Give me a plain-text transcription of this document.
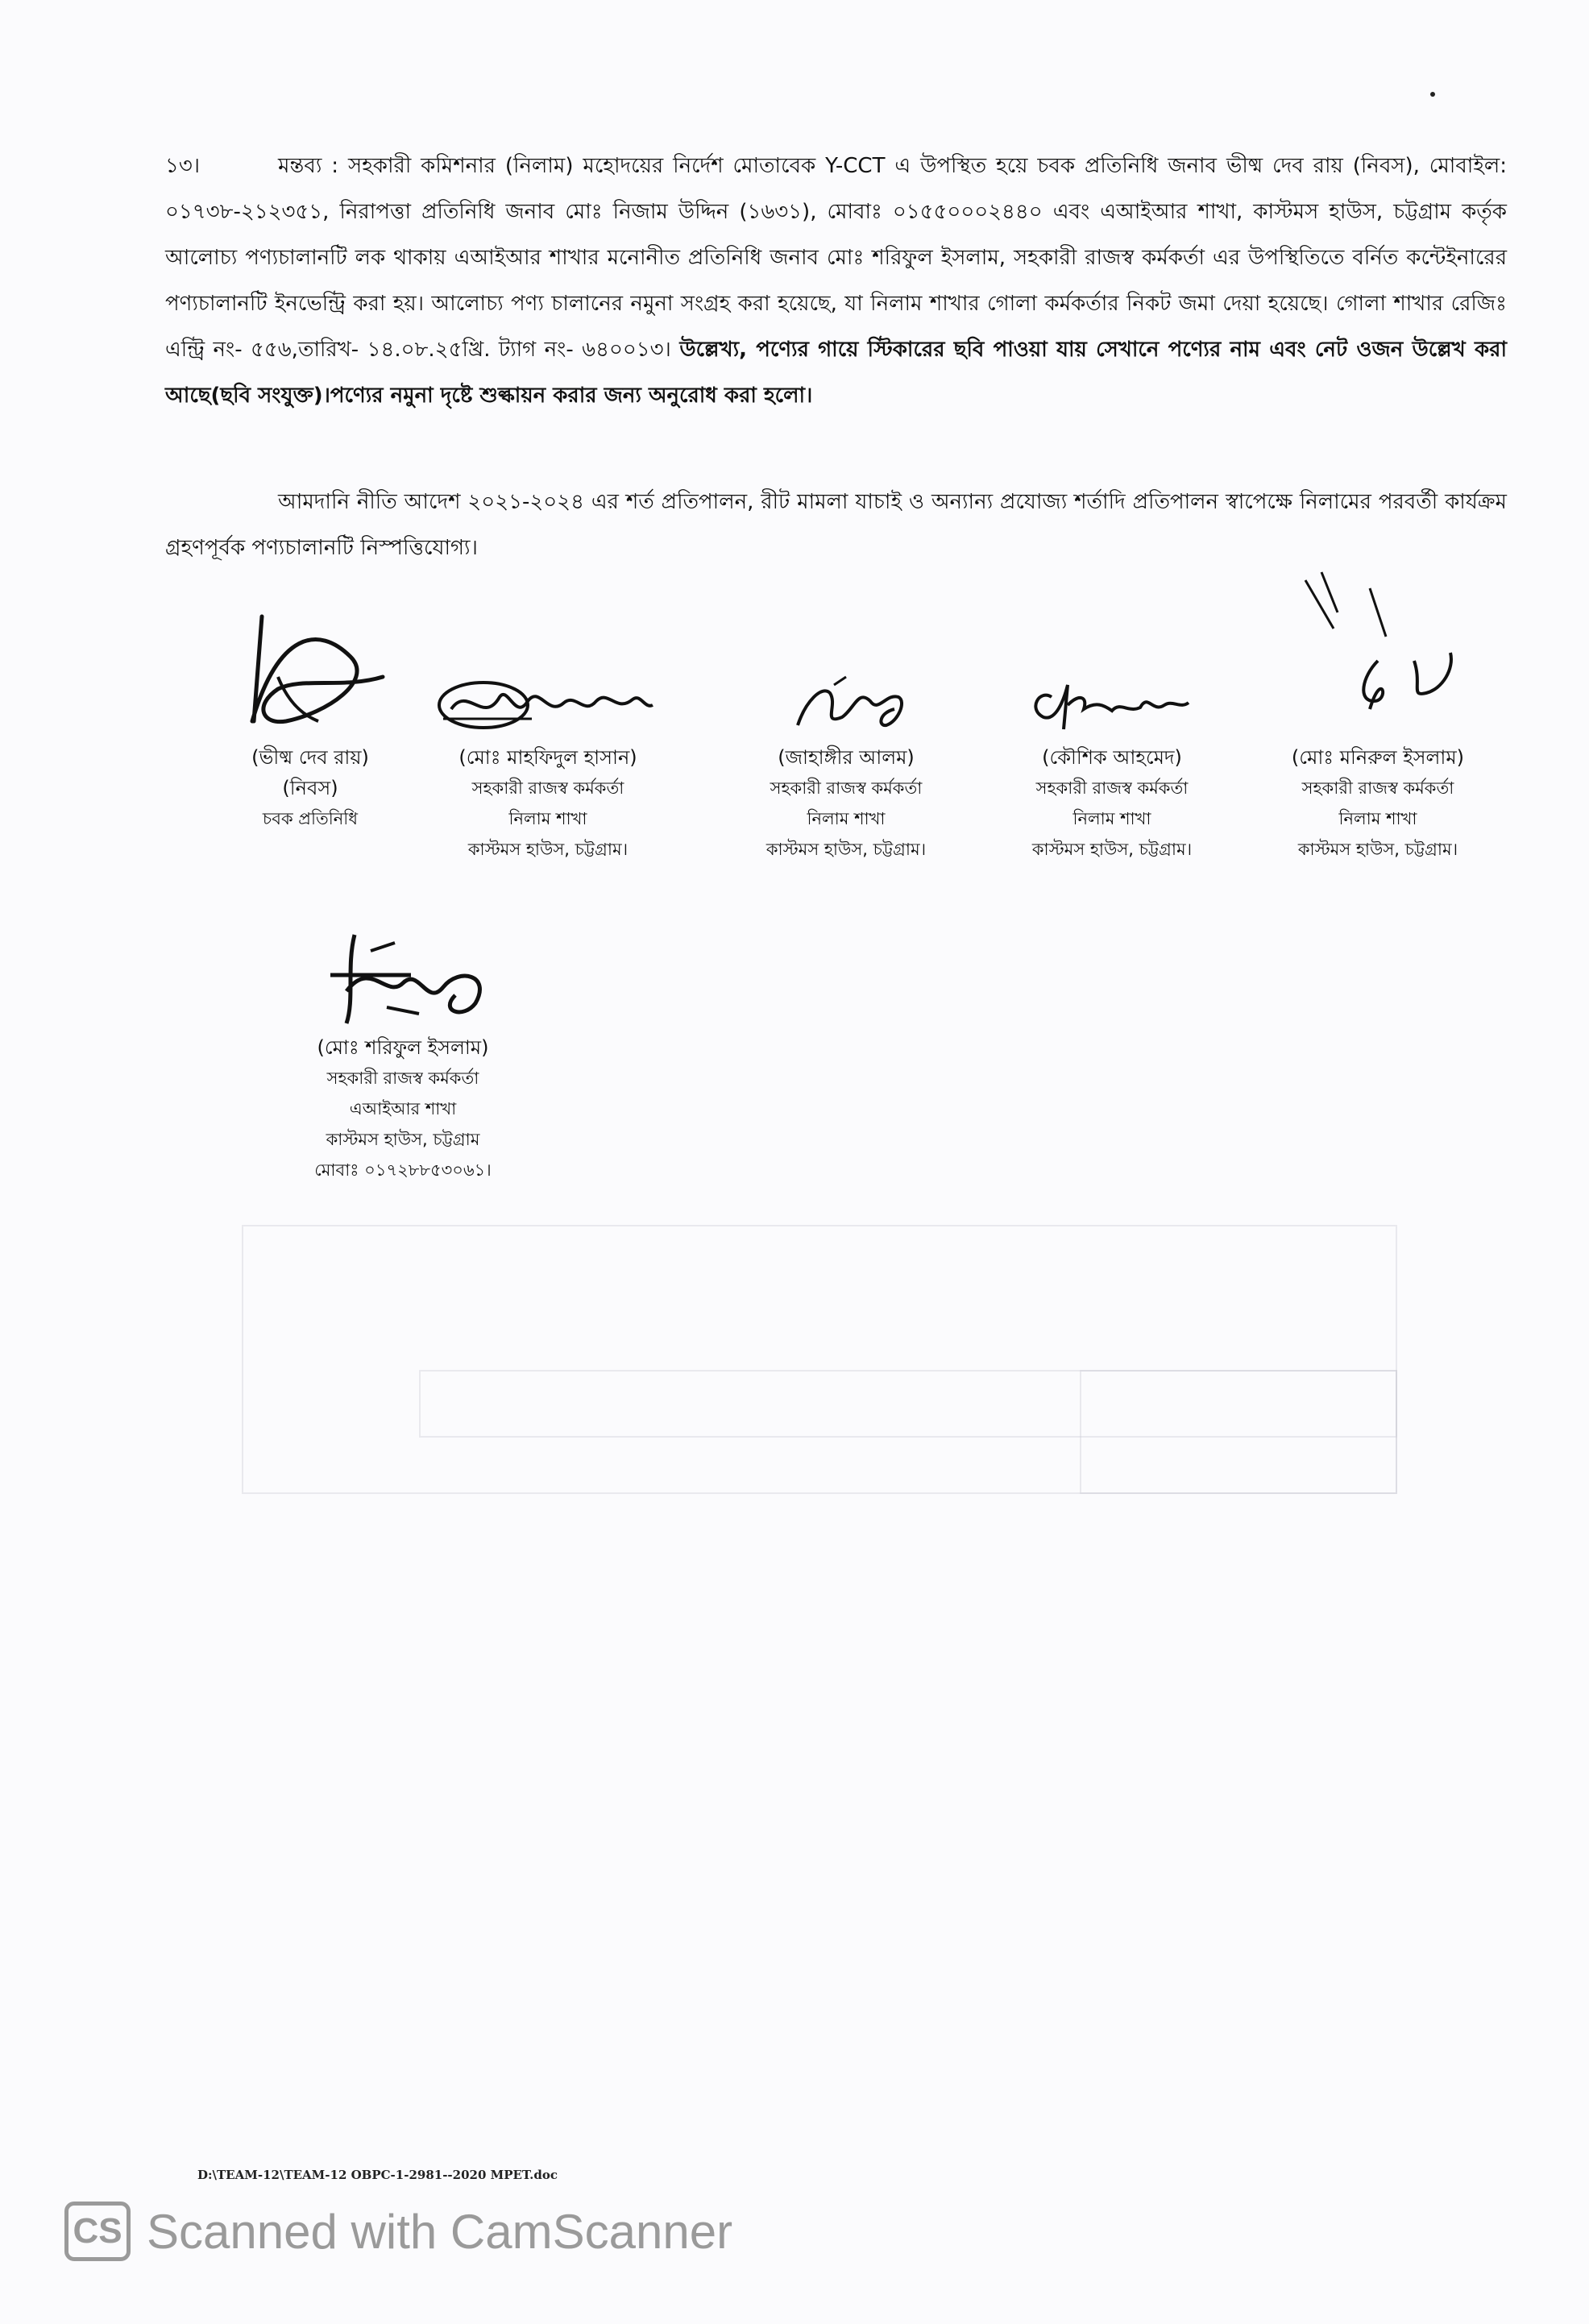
১৩।	মন্তব্য : সহকারী কমিশনার (নিলাম) মহোদয়ের নির্দেশ মোতাবেক Y-CCT এ উপস্থিত হয়ে চবক প্রতিনিধি জনাব ভীষ্ম দেব রায় (নিবস), মোবাইল: ০১৭৩৮-২১২৩৫১, নিরাপত্তা প্রতিনিধি জনাব মোঃ নিজাম উদ্দিন (১৬৩১), মোবাঃ ০১৫৫০০০২৪৪০ এবং এআইআর শাখা, কাস্টমস হাউস, চট্টগ্রাম কর্তৃক আলোচ্য পণ্যচালানটি লক থাকায় এআইআর শাখার মনোনীত প্রতিনিধি জনাব মোঃ শরিফুল ইসলাম, সহকারী রাজস্ব কর্মকর্তা এর উপস্থিতিতে বর্নিত কন্টেইনারের পণ্যচালানটি ইনভেন্ট্রি করা হয়। আলোচ্য পণ্য চালানের নমুনা সংগ্রহ করা হয়েছে, যা নিলাম শাখার গোলা কর্মকর্তার নিকট জমা দেয়া হয়েছে। গোলা শাখার রেজিঃ এন্ট্রি নং- ৫৫৬,তারিখ- ১৪.০৮.২৫খ্রি. ট্যাগ নং- ৬৪০০১৩। উল্লেখ্য, পণ্যের গায়ে স্টিকারের ছবি পাওয়া যায় সেখানে পণ্যের নাম এবং নেট ওজন উল্লেখ করা আছে(ছবি সংযুক্ত)।পণ্যের নমুনা দৃষ্টে শুল্কায়ন করার জন্য অনুরোধ করা হলো।
আমদানি নীতি আদেশ ২০২১-২০২৪ এর শর্ত প্রতিপালন, রীট মামলা যাচাই ও অন্যান্য প্রযোজ্য শর্তাদি প্রতিপালন স্বাপেক্ষে নিলামের পরবর্তী কার্যক্রম গ্রহণপূর্বক পণ্যচালানটি নিস্পত্তিযোগ্য।
(ভীষ্ম দেব রায়)
(নিবস)
চবক প্রতিনিধি
(মোঃ মাহফিদুল হাসান)
সহকারী রাজস্ব কর্মকর্তা
নিলাম শাখা
কাস্টমস হাউস, চট্টগ্রাম।
(জাহাঙ্গীর আলম)
সহকারী রাজস্ব কর্মকর্তা
নিলাম শাখা
কাস্টমস হাউস, চট্টগ্রাম।
(কৌশিক আহমেদ)
সহকারী রাজস্ব কর্মকর্তা
নিলাম শাখা
কাস্টমস হাউস, চট্টগ্রাম।
(মোঃ মনিরুল ইসলাম)
সহকারী রাজস্ব কর্মকর্তা
নিলাম শাখা
কাস্টমস হাউস, চট্টগ্রাম।
(মোঃ শরিফুল ইসলাম)
সহকারী রাজস্ব কর্মকর্তা
এআইআর শাখা
কাস্টমস হাউস, চট্টগ্রাম
মোবাঃ ০১৭২৮৮৫৩০৬১।
D:\TEAM-12\TEAM-12 OBPC-1-2981--2020 MPET.doc
CS Scanned with CamScanner
